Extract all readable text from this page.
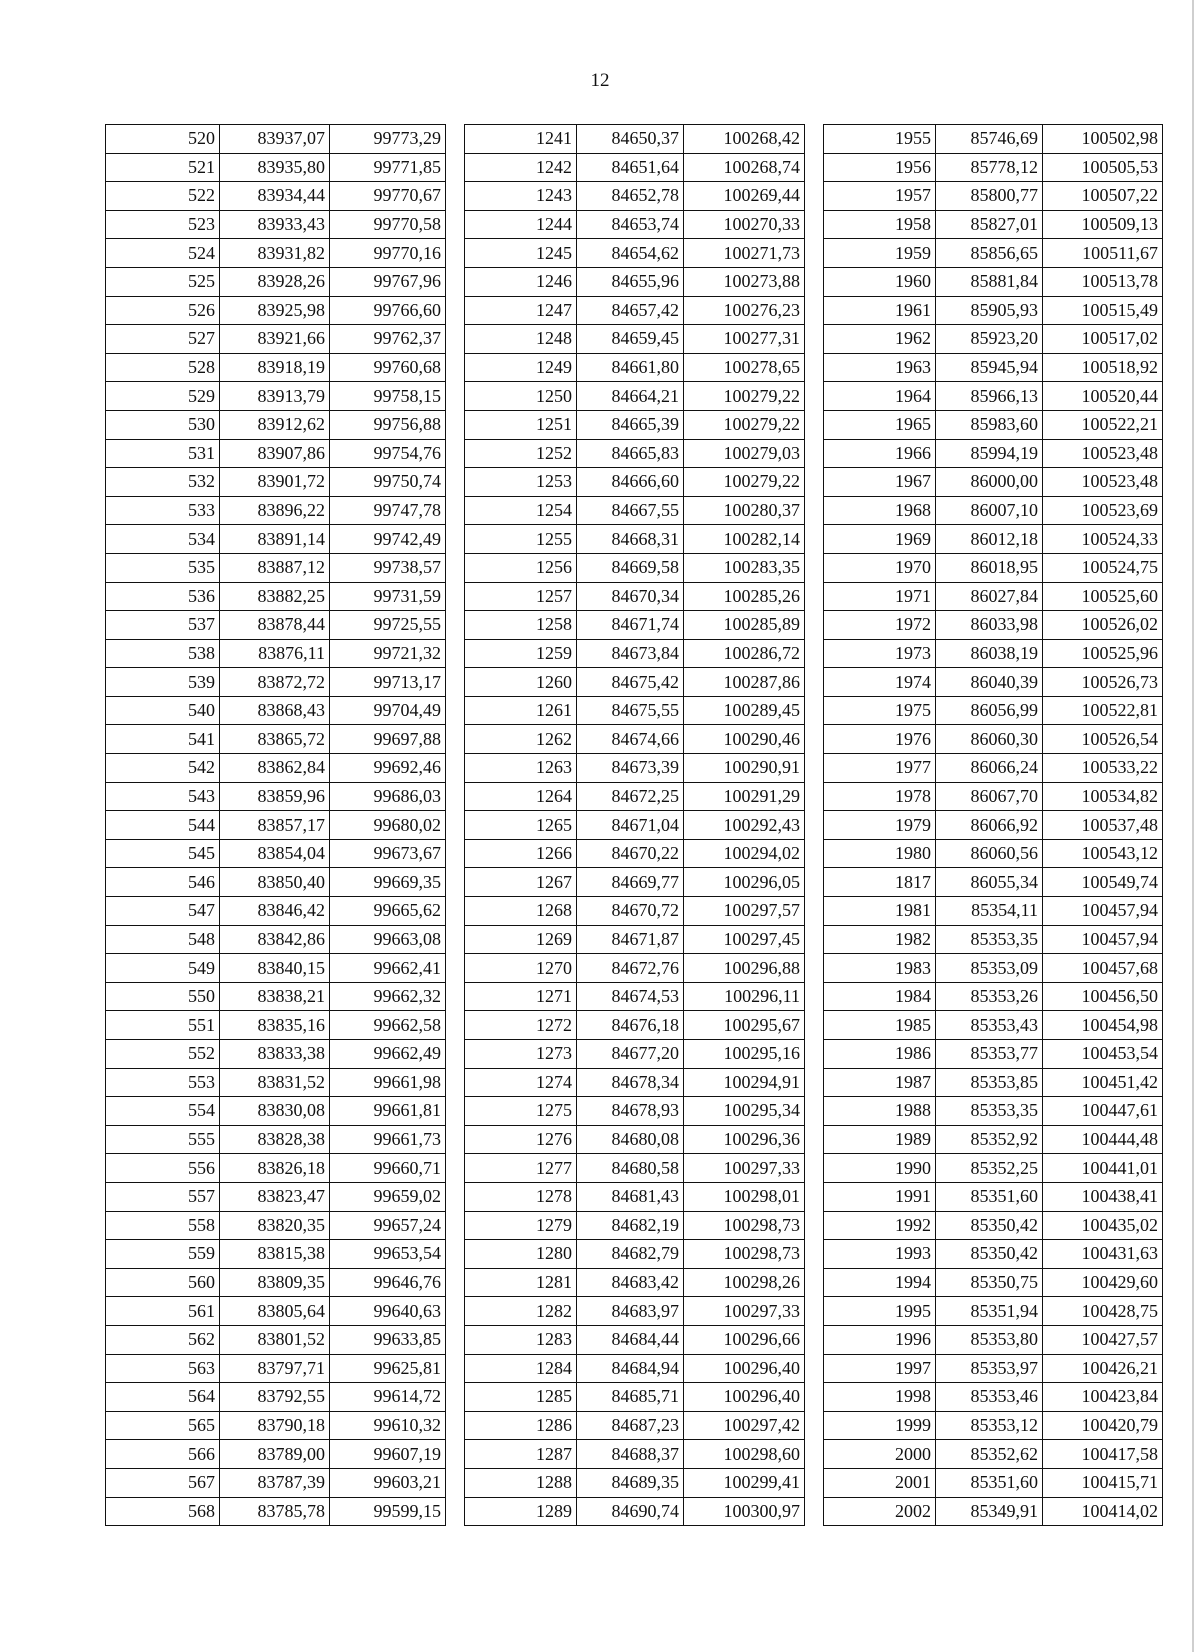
12
520	83937,07	99773,29
521	83935,80	99771,85
522	83934,44	99770,67
523	83933,43	99770,58
524	83931,82	99770,16
525	83928,26	99767,96
526	83925,98	99766,60
527	83921,66	99762,37
528	83918,19	99760,68
529	83913,79	99758,15
530	83912,62	99756,88
531	83907,86	99754,76
532	83901,72	99750,74
533	83896,22	99747,78
534	83891,14	99742,49
535	83887,12	99738,57
536	83882,25	99731,59
537	83878,44	99725,55
538	83876,11	99721,32
539	83872,72	99713,17
540	83868,43	99704,49
541	83865,72	99697,88
542	83862,84	99692,46
543	83859,96	99686,03
544	83857,17	99680,02
545	83854,04	99673,67
546	83850,40	99669,35
547	83846,42	99665,62
548	83842,86	99663,08
549	83840,15	99662,41
550	83838,21	99662,32
551	83835,16	99662,58
552	83833,38	99662,49
553	83831,52	99661,98
554	83830,08	99661,81
555	83828,38	99661,73
556	83826,18	99660,71
557	83823,47	99659,02
558	83820,35	99657,24
559	83815,38	99653,54
560	83809,35	99646,76
561	83805,64	99640,63
562	83801,52	99633,85
563	83797,71	99625,81
564	83792,55	99614,72
565	83790,18	99610,32
566	83789,00	99607,19
567	83787,39	99603,21
568	83785,78	99599,15
1241	84650,37	100268,42
1242	84651,64	100268,74
1243	84652,78	100269,44
1244	84653,74	100270,33
1245	84654,62	100271,73
1246	84655,96	100273,88
1247	84657,42	100276,23
1248	84659,45	100277,31
1249	84661,80	100278,65
1250	84664,21	100279,22
1251	84665,39	100279,22
1252	84665,83	100279,03
1253	84666,60	100279,22
1254	84667,55	100280,37
1255	84668,31	100282,14
1256	84669,58	100283,35
1257	84670,34	100285,26
1258	84671,74	100285,89
1259	84673,84	100286,72
1260	84675,42	100287,86
1261	84675,55	100289,45
1262	84674,66	100290,46
1263	84673,39	100290,91
1264	84672,25	100291,29
1265	84671,04	100292,43
1266	84670,22	100294,02
1267	84669,77	100296,05
1268	84670,72	100297,57
1269	84671,87	100297,45
1270	84672,76	100296,88
1271	84674,53	100296,11
1272	84676,18	100295,67
1273	84677,20	100295,16
1274	84678,34	100294,91
1275	84678,93	100295,34
1276	84680,08	100296,36
1277	84680,58	100297,33
1278	84681,43	100298,01
1279	84682,19	100298,73
1280	84682,79	100298,73
1281	84683,42	100298,26
1282	84683,97	100297,33
1283	84684,44	100296,66
1284	84684,94	100296,40
1285	84685,71	100296,40
1286	84687,23	100297,42
1287	84688,37	100298,60
1288	84689,35	100299,41
1289	84690,74	100300,97
1955	85746,69	100502,98
1956	85778,12	100505,53
1957	85800,77	100507,22
1958	85827,01	100509,13
1959	85856,65	100511,67
1960	85881,84	100513,78
1961	85905,93	100515,49
1962	85923,20	100517,02
1963	85945,94	100518,92
1964	85966,13	100520,44
1965	85983,60	100522,21
1966	85994,19	100523,48
1967	86000,00	100523,48
1968	86007,10	100523,69
1969	86012,18	100524,33
1970	86018,95	100524,75
1971	86027,84	100525,60
1972	86033,98	100526,02
1973	86038,19	100525,96
1974	86040,39	100526,73
1975	86056,99	100522,81
1976	86060,30	100526,54
1977	86066,24	100533,22
1978	86067,70	100534,82
1979	86066,92	100537,48
1980	86060,56	100543,12
1817	86055,34	100549,74
1981	85354,11	100457,94
1982	85353,35	100457,94
1983	85353,09	100457,68
1984	85353,26	100456,50
1985	85353,43	100454,98
1986	85353,77	100453,54
1987	85353,85	100451,42
1988	85353,35	100447,61
1989	85352,92	100444,48
1990	85352,25	100441,01
1991	85351,60	100438,41
1992	85350,42	100435,02
1993	85350,42	100431,63
1994	85350,75	100429,60
1995	85351,94	100428,75
1996	85353,80	100427,57
1997	85353,97	100426,21
1998	85353,46	100423,84
1999	85353,12	100420,79
2000	85352,62	100417,58
2001	85351,60	100415,71
2002	85349,91	100414,02
